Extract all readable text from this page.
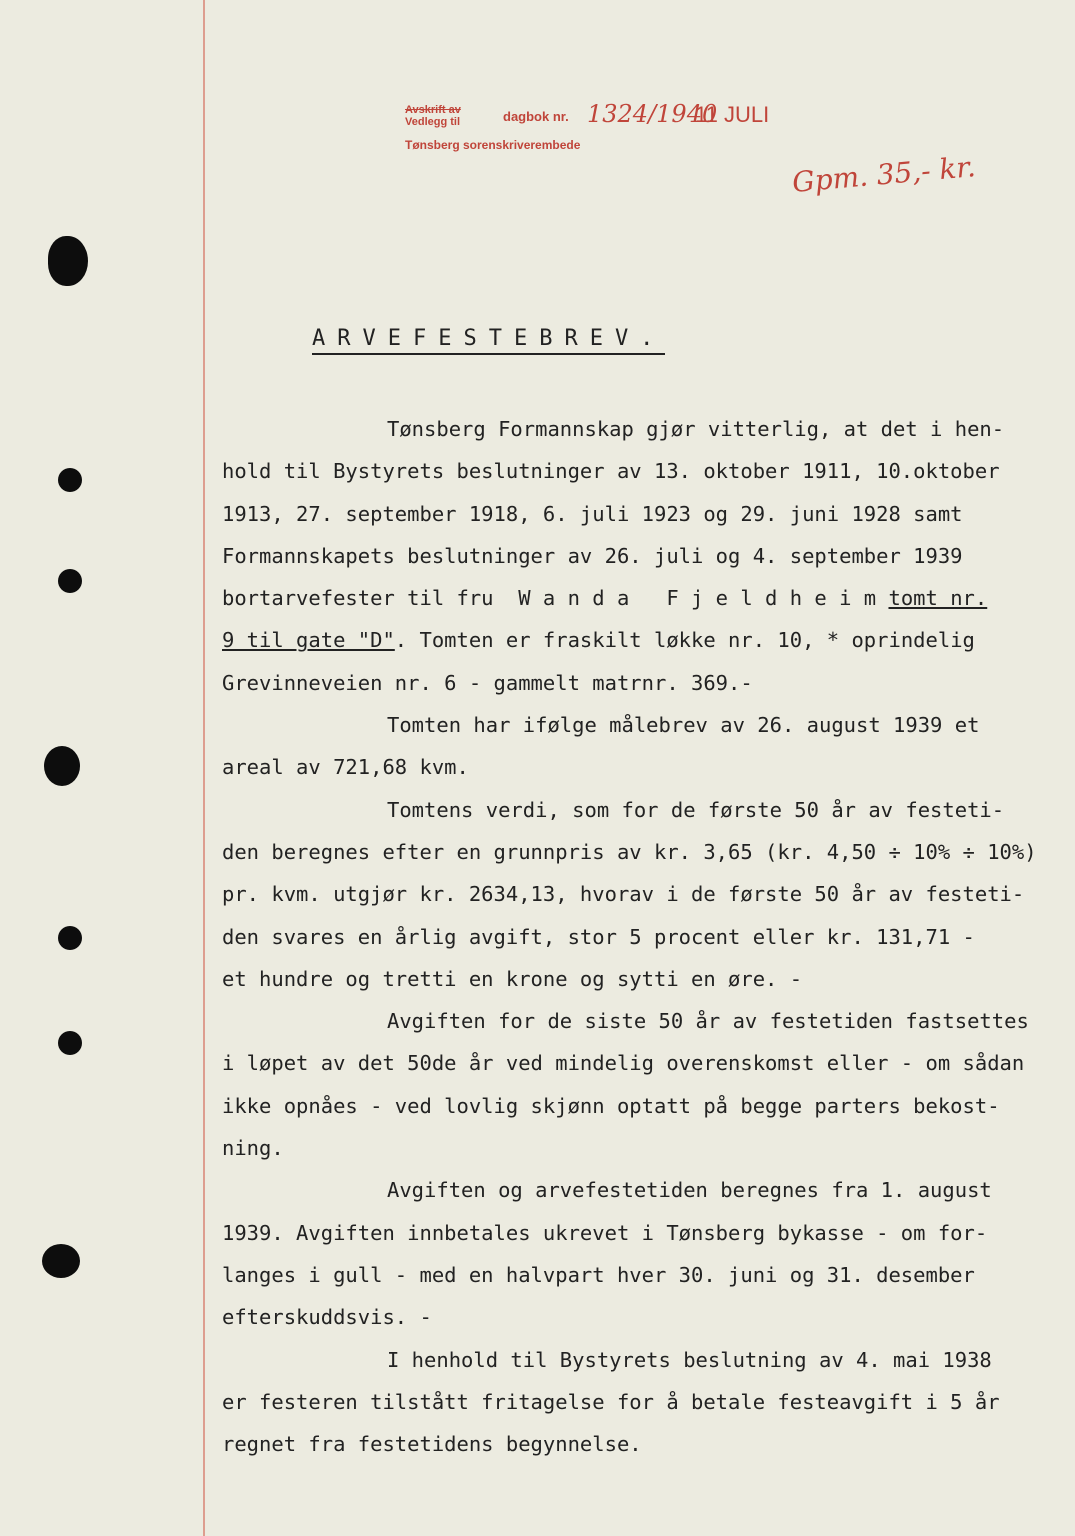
Avskrift av
Vedlegg til	dagbok nr. 1324/1940
11 JULI
Tønsberg sorenskriverembede
Gpm. 35,- kr.
ARVEFESTEBREV.
Tønsberg Formannskap gjør vitterlig, at det i hen-
hold til Bystyrets beslutninger av 13. oktober 1911, 10.oktober
1913, 27. september 1918, 6. juli 1923 og 29. juni 1928 samt
Formannskapets beslutninger av 26. juli og 4. september 1939
bortarvefester til fru  W a n d a   F j e l d h e i m tomt nr.
9 til gate "D". Tomten er fraskilt løkke nr. 10, * oprindelig
Grevinneveien nr. 6 - gammelt matrnr. 369.-
Tomten har ifølge målebrev av 26. august 1939 et
areal av 721,68 kvm.
Tomtens verdi, som for de første 50 år av festeti-
den beregnes efter en grunnpris av kr. 3,65 (kr. 4,50 ÷ 10% ÷ 10%)
pr. kvm. utgjør kr. 2634,13, hvorav i de første 50 år av festeti-
den svares en årlig avgift, stor 5 procent eller kr. 131,71 -
et hundre og tretti en krone og sytti en øre. -
Avgiften for de siste 50 år av festetiden fastsettes
i løpet av det 50de år ved mindelig overenskomst eller - om sådan
ikke opnåes - ved lovlig skjønn optatt på begge parters bekost-
ning.
Avgiften og arvefestetiden beregnes fra 1. august
1939. Avgiften innbetales ukrevet i Tønsberg bykasse - om for-
langes i gull - med en halvpart hver 30. juni og 31. desember
efterskuddsvis. -
I henhold til Bystyrets beslutning av 4. mai 1938
er festeren tilstått fritagelse for å betale festeavgift i 5 år
regnet fra festetidens begynnelse.
